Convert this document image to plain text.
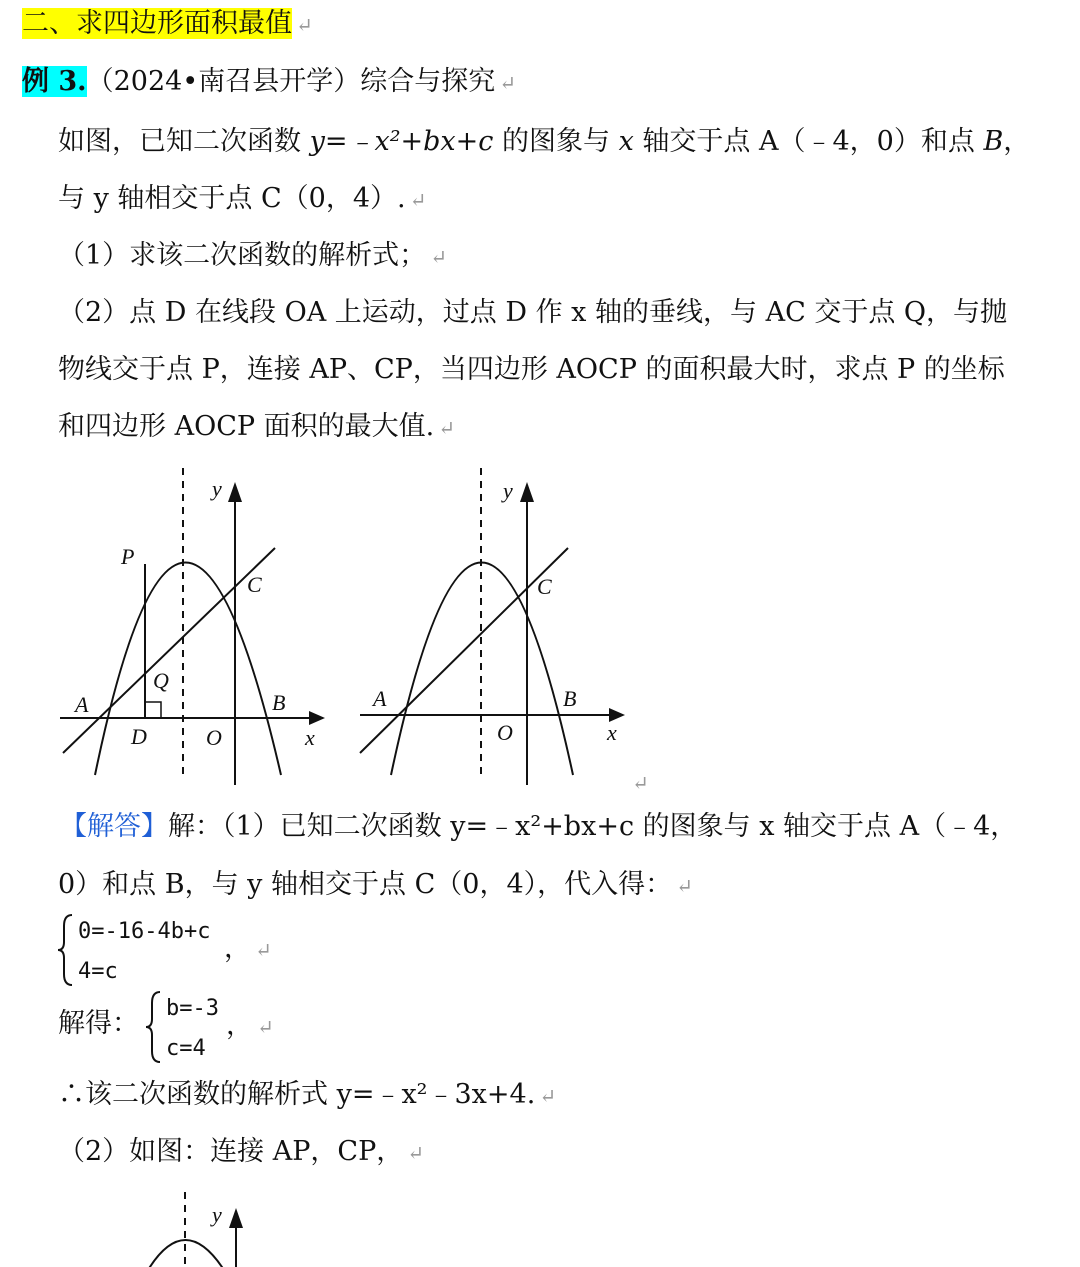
二、求四边形面积最值 ↵
例 3.（2024•南召县开学）综合与探究 ↵
如图，已知二次函数 y=﹣x²+bx+c 的图象与 x 轴交于点 A（﹣4，0）和点 B，
与 y 轴相交于点 C（0，4）. ↵
（1）求该二次函数的解析式； ↵
（2）点 D 在线段 OA 上运动，过点 D 作 x 轴的垂线，与 AC 交于点 Q，与抛
物线交于点 P，连接 AP、CP，当四边形 AOCP 的面积最大时，求点 P 的坐标
和四边形 AOCP 面积的最大值. ↵
P
C
Q
A	B
D	O	x
y
C
A	B
O	x
y
↵
【解答】解：（1）已知二次函数 y=﹣x²+bx+c 的图象与 x 轴交于点 A（﹣4，
0）和点 B，与 y 轴相交于点 C（0，4），代入得： ↵
0=-16-4b+c
4=c
， ↵
解得： b=-3
c=4
， ↵
∴该二次函数的解析式 y=﹣x²﹣3x+4. ↵
（2）如图：连接 AP，CP， ↵
y
